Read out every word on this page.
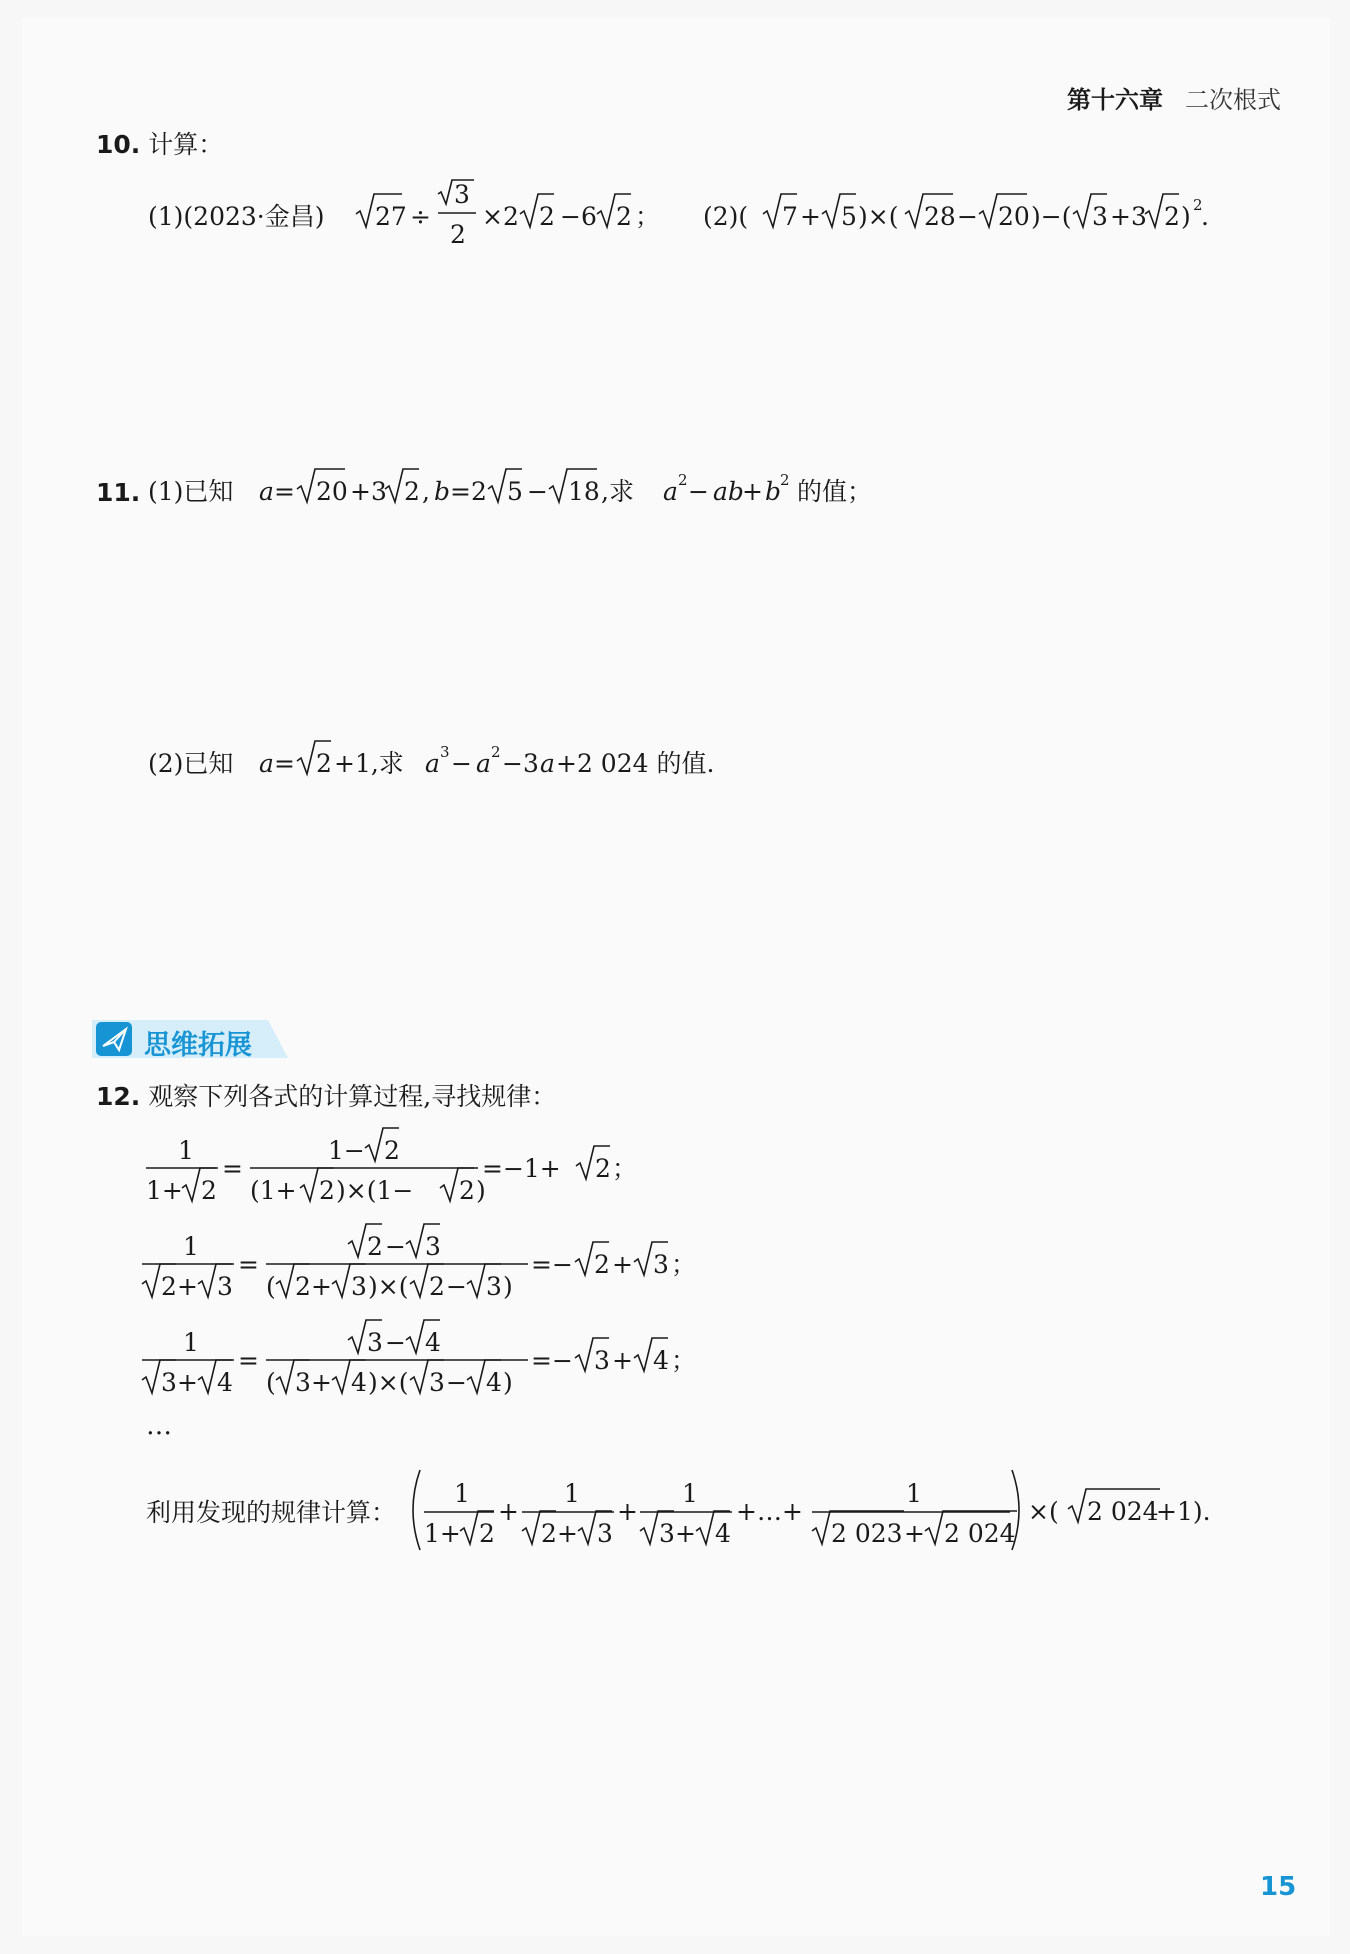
第十六章 二次根式
10. 计算：
(1)(2023·金昌) 27 ÷
3
2
×2 2 −6 2 ； (2)( 7 + 5 )×( 28 − 20 )−( 3 +3 2 ) 2
.
(1)已知 a = 20 +3 2 , b =2 5 − 18 ,求 a 2 − ab
+ b
2 的值；
(2)已知 a = 2 +1,求 a 3 − a 2 −3 a +2 024 的值.
1
1+ 2
=
1− 2
(1+ 2 )×(1− 2 )
=−1+ 2 ；
1
2 + 3
=
2 − 3
( 2 + 3 )×( 2 − 3 )
=− 2 + 3 ；
1
3 + 4
=
3 − 4
( 3 + 4 )×( 3 − 4 )
=− 3 + 4 ；
1
1+ 2
+
1
2 + 3
+
1
3 + 4
+…+
1
2 023 + 2 024
×( 2 024
+1).
11.
思维拓展
12. 观察下列各式的计算过程,寻找规律：
…
利用发现的规律计算：
15
